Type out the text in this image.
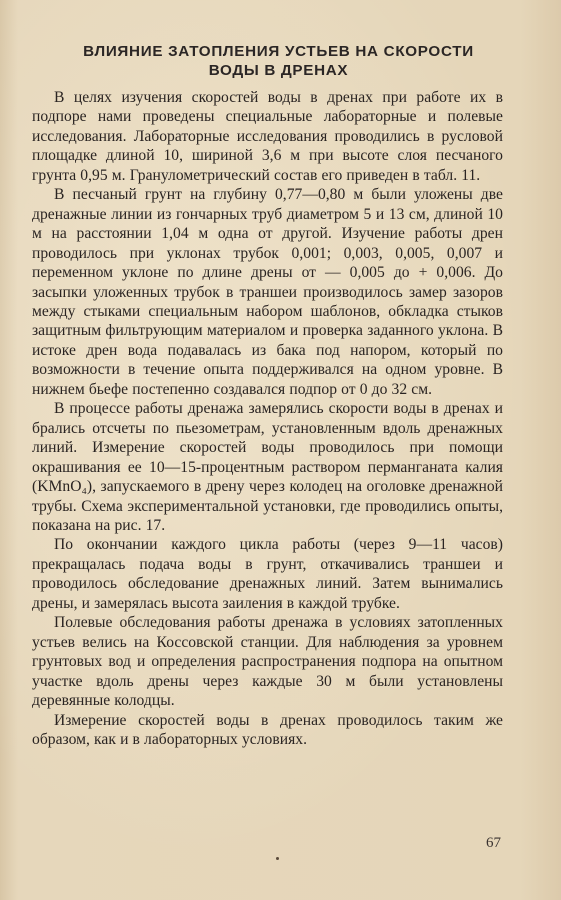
ВЛИЯНИЕ ЗАТОПЛЕНИЯ УСТЬЕВ НА СКОРОСТИ
ВОДЫ В ДРЕНАХ

В целях изучения скоростей воды в дренах при работе их в подпоре нами проведены специальные лабораторные и полевые исследования. Лабораторные исследования проводились в русловой площадке длиной 10, шириной 3,6 м при высоте слоя песчаного грунта 0,95 м. Гранулометрический состав его приведен в табл. 11.

В песчаный грунт на глубину 0,77—0,80 м были уложены две дренажные линии из гончарных труб диаметром 5 и 13 см, длиной 10 м на расстоянии 1,04 м одна от другой. Изучение работы дрен проводилось при уклонах трубок 0,001; 0,003, 0,005, 0,007 и переменном уклоне по длине дрены от — 0,005 до + 0,006. До засыпки уложенных трубок в траншеи производилось замер зазоров между стыками специальным набором шаблонов, обкладка стыков защитным фильтрующим материалом и проверка заданного уклона. В истоке дрен вода подавалась из бака под напором, который по возможности в течение опыта поддерживался на одном уровне. В нижнем бьефе постепенно создавался подпор от 0 до 32 см.

В процессе работы дренажа замерялись скорости воды в дренах и брались отсчеты по пьезометрам, установленным вдоль дренажных линий. Измерение скоростей воды проводилось при помощи окрашивания ее 10—15-процентным раствором перманганата калия (KMnO₄), запускаемого в дрену через колодец на оголовке дренажной трубы. Схема экспериментальной установки, где проводились опыты, показана на рис. 17.

По окончании каждого цикла работы (через 9—11 часов) прекращалась подача воды в грунт, откачивались траншеи и проводилось обследование дренажных линий. Затем вынимались дрены, и замерялась высота заиления в каждой трубке.

Полевые обследования работы дренажа в условиях затопленных устьев велись на Коссовской станции. Для наблюдения за уровнем грунтовых вод и определения распространения подпора на опытном участке вдоль дрены через каждые 30 м были установлены деревянные колодцы.

Измерение скоростей воды в дренах проводилось таким же образом, как и в лабораторных условиях.

67
